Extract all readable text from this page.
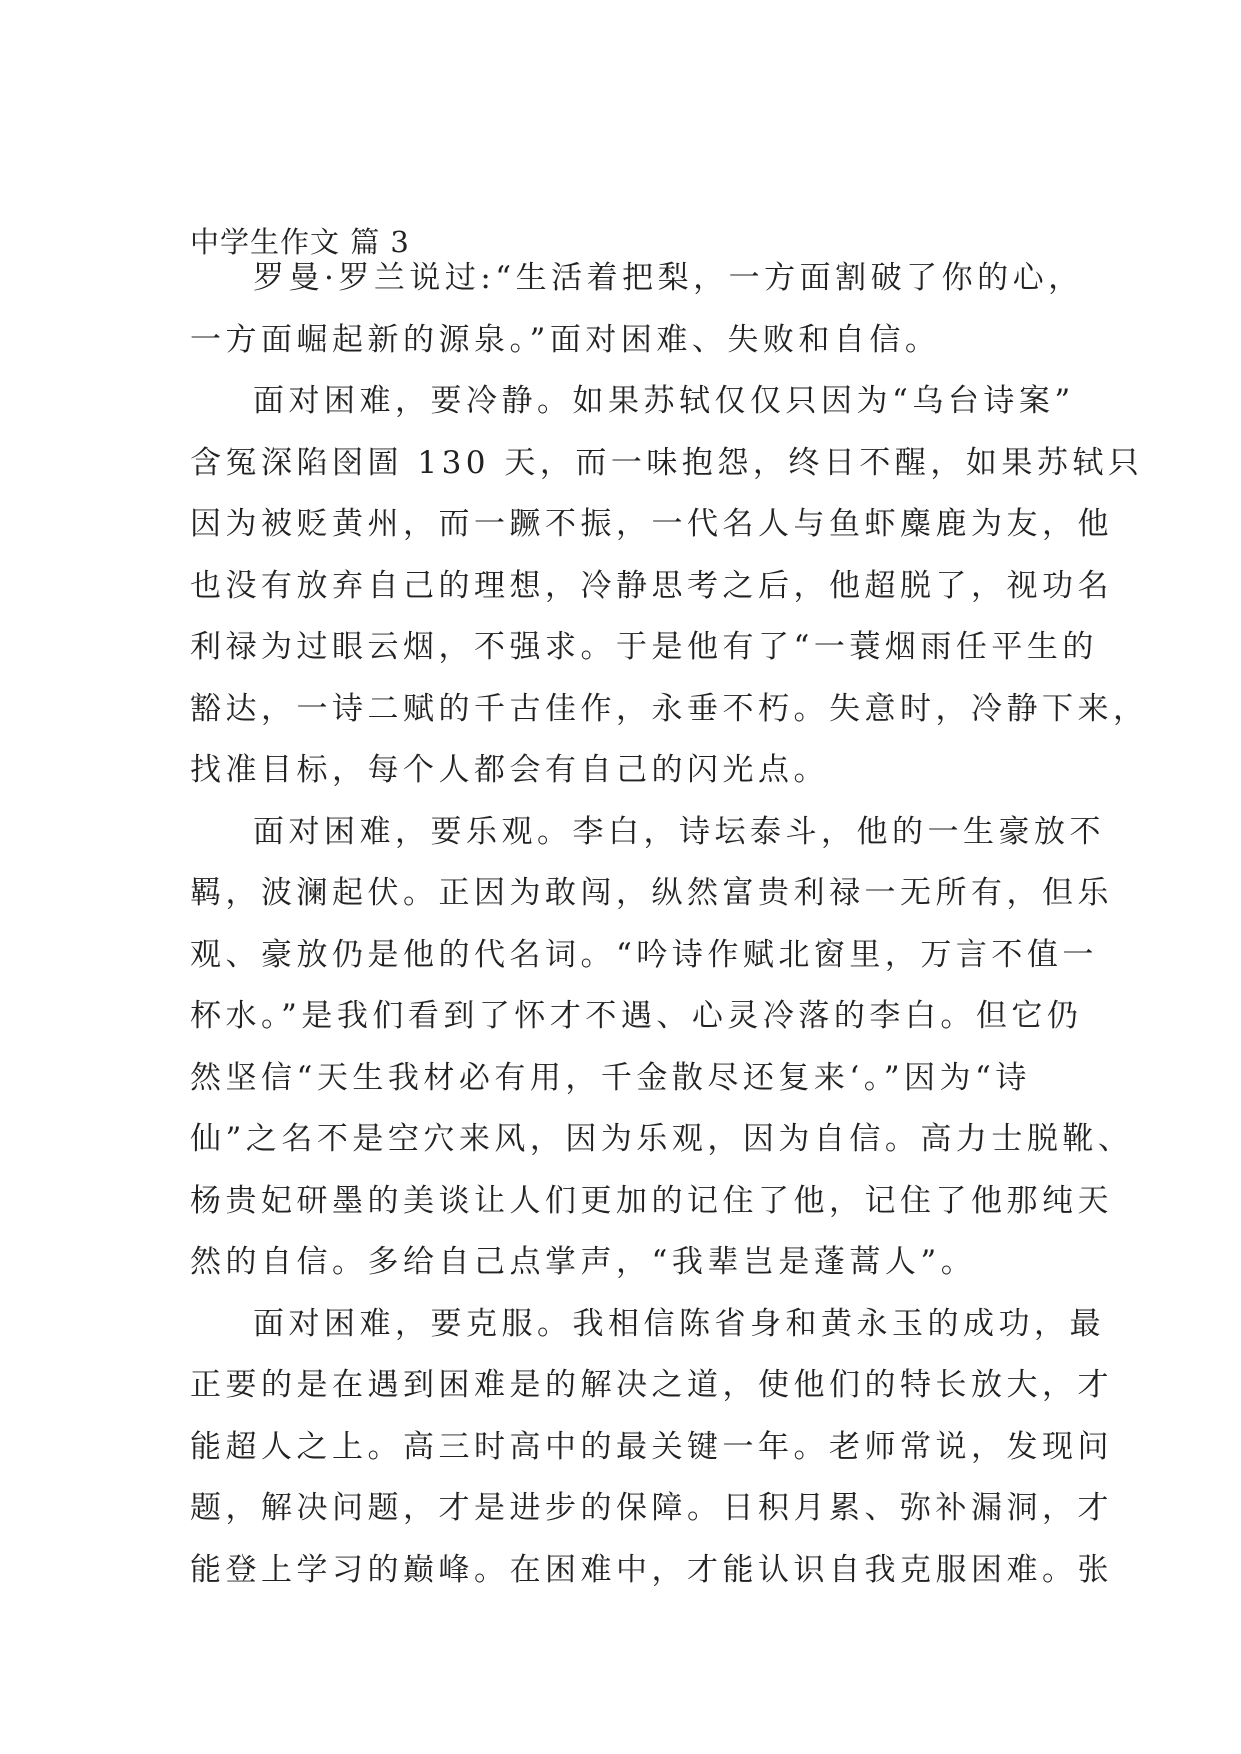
中学生作文 篇 3

罗曼·罗兰说过:“生活着把梨，一方面割破了你的心，
一方面崛起新的源泉。”面对困难、失败和自信。

面对困难，要冷静。如果苏轼仅仅只因为“乌台诗案”
含冤深陷囹圄 130 天，而一味抱怨，终日不醒，如果苏轼只
因为被贬黄州，而一蹶不振，一代名人与鱼虾麋鹿为友，他
也没有放弃自己的理想，冷静思考之后，他超脱了，视功名
利禄为过眼云烟，不强求。于是他有了“一蓑烟雨任平生的
豁达，一诗二赋的千古佳作，永垂不朽。失意时，冷静下来，
找准目标，每个人都会有自己的闪光点。

面对困难，要乐观。李白，诗坛泰斗，他的一生豪放不
羁，波澜起伏。正因为敢闯，纵然富贵利禄一无所有，但乐
观、豪放仍是他的代名词。“吟诗作赋北窗里，万言不值一
杯水。”是我们看到了怀才不遇、心灵冷落的李白。但它仍
然坚信“天生我材必有用，千金散尽还复来‘。”因为“诗
仙”之名不是空穴来风，因为乐观，因为自信。高力士脱靴、
杨贵妃研墨的美谈让人们更加的记住了他，记住了他那纯天
然的自信。多给自己点掌声，“我辈岂是蓬蒿人”。

面对困难，要克服。我相信陈省身和黄永玉的成功，最
正要的是在遇到困难是的解决之道，使他们的特长放大，才
能超人之上。高三时高中的最关键一年。老师常说，发现问
题，解决问题，才是进步的保障。日积月累、弥补漏洞，才
能登上学习的巅峰。在困难中，才能认识自我克服困难。张
